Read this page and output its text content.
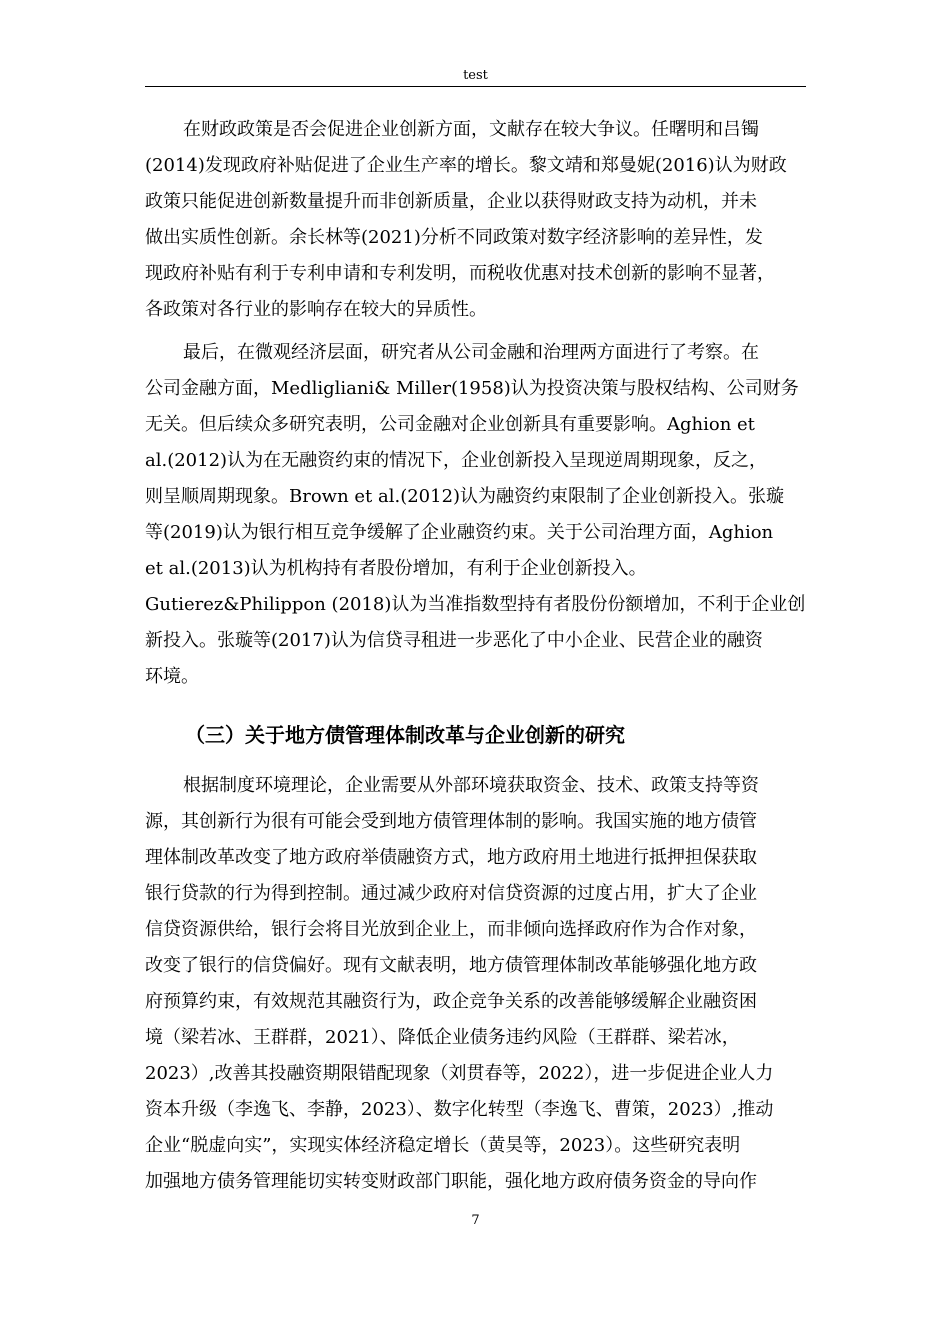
test
在财政政策是否会促进企业创新方面，文献存在较大争议。任曙明和吕镯
(2014)发现政府补贴促进了企业生产率的增长。黎文靖和郑曼妮(2016)认为财政
政策只能促进创新数量提升而非创新质量，企业以获得财政支持为动机，并未
做出实质性创新。余长林等(2021)分析不同政策对数字经济影响的差异性，发
现政府补贴有利于专利申请和专利发明，而税收优惠对技术创新的影响不显著，
各政策对各行业的影响存在较大的异质性。
最后，在微观经济层面，研究者从公司金融和治理两方面进行了考察。在
公司金融方面，Medligliani& Miller(1958)认为投资决策与股权结构、公司财务
无关。但后续众多研究表明，公司金融对企业创新具有重要影响。Aghion et
al.(2012)认为在无融资约束的情况下，企业创新投入呈现逆周期现象，反之，
则呈顺周期现象。Brown et al.(2012)认为融资约束限制了企业创新投入。张璇
等(2019)认为银行相互竞争缓解了企业融资约束。关于公司治理方面，Aghion
et al.(2013)认为机构持有者股份增加，有利于企业创新投入。
Gutierez&Philippon (2018)认为当准指数型持有者股份份额增加，不利于企业创
新投入。张璇等(2017)认为信贷寻租进一步恶化了中小企业、民营企业的融资
环境。
（三）关于地方债管理体制改革与企业创新的研究
根据制度环境理论，企业需要从外部环境获取资金、技术、政策支持等资
源，其创新行为很有可能会受到地方债管理体制的影响。我国实施的地方债管
理体制改革改变了地方政府举债融资方式，地方政府用土地进行抵押担保获取
银行贷款的行为得到控制。通过减少政府对信贷资源的过度占用，扩大了企业
信贷资源供给，银行会将目光放到企业上，而非倾向选择政府作为合作对象，
改变了银行的信贷偏好。现有文献表明，地方债管理体制改革能够强化地方政
府预算约束，有效规范其融资行为，政企竞争关系的改善能够缓解企业融资困
境（梁若冰、王群群，2021）、降低企业债务违约风险（王群群、梁若冰，
2023）,改善其投融资期限错配现象（刘贯春等，2022），进一步促进企业人力
资本升级（李逸飞、李静，2023）、数字化转型（李逸飞、曹策，2023）,推动
企业“脱虚向实”，实现实体经济稳定增长（黄昊等，2023）。这些研究表明
加强地方债务管理能切实转变财政部门职能，强化地方政府债务资金的导向作
7
